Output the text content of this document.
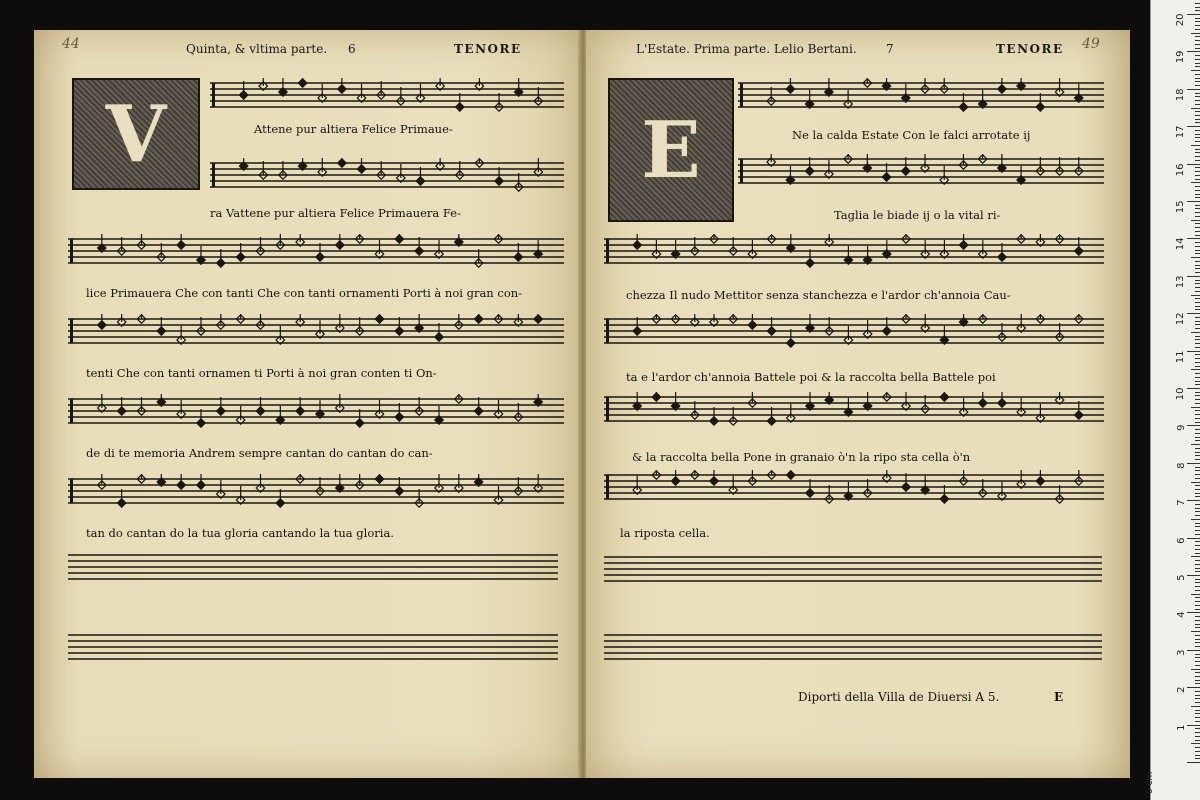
44	Quinta, & vltima parte. 6	TENORE
V	Attene pur altiera Felice Primaue-
ra Vattene pur altiera Felice Primauera Fe-
lice Primauera Che con tanti Che con tanti ornamenti Porti à noi gran con-
tenti Che con tanti ornamen ti Porti à noi gran conten ti On-
de di te memoria Andrem sempre cantan do cantan do can-
tan do cantan do la tua gloria cantando la tua gloria.
L'Estate. Prima parte. Lelio Bertani. 7	TENORE 49
E	Ne la calda Estate Con le falci arrotate ij
Taglia le biade ij o la vital ri-
chezza Il nudo Mettitor senza stanchezza e l'ardor ch'annoia Cau-
ta e l'ardor ch'annoia Battele poi & la raccolta bella Battele poi
& la raccolta bella Pone in granaio ò'n la ripo sta cella ò'n
la riposta cella.
Diporti della Villa de Diuersi A 5.	E
0 cm
1
2
3
4
5
6
7
8
9
10
11
12
13
14
15
16
17
18
19
20
